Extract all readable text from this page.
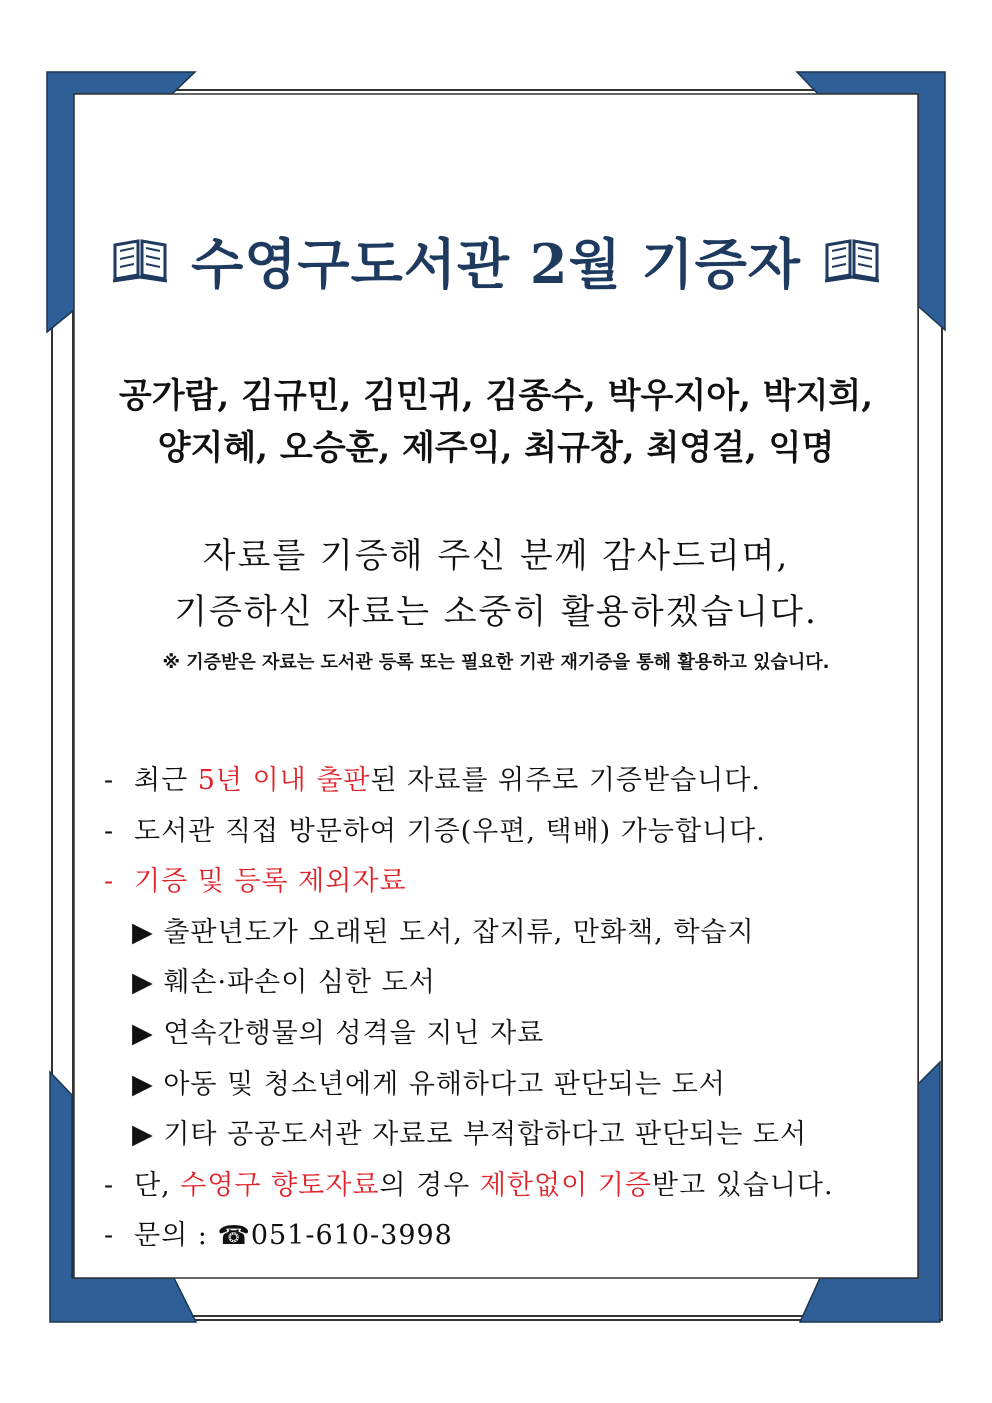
수영구도서관 2월 기증자
공가람, 김규민, 김민귀, 김종수, 박우지아, 박지희,
양지혜, 오승훈, 제주익, 최규창, 최영걸, 익명
자료를 기증해 주신 분께 감사드리며,
기증하신 자료는 소중히 활용하겠습니다.
※ 기증받은 자료는 도서관 등록 또는 필요한 기관 재기증을 통해 활용하고 있습니다.
- 최근 5년 이내 출판된 자료를 위주로 기증받습니다.
- 도서관 직접 방문하여 기증(우편, 택배) 가능합니다.
- 기증 및 등록 제외자료
▶ 출판년도가 오래된 도서, 잡지류, 만화책, 학습지
▶ 훼손·파손이 심한 도서
▶ 연속간행물의 성격을 지닌 자료
▶ 아동 및 청소년에게 유해하다고 판단되는 도서
▶ 기타 공공도서관 자료로 부적합하다고 판단되는 도서
- 단, 수영구 향토자료의 경우 제한없이 기증받고 있습니다.
- 문의 : ☎051-610-3998
